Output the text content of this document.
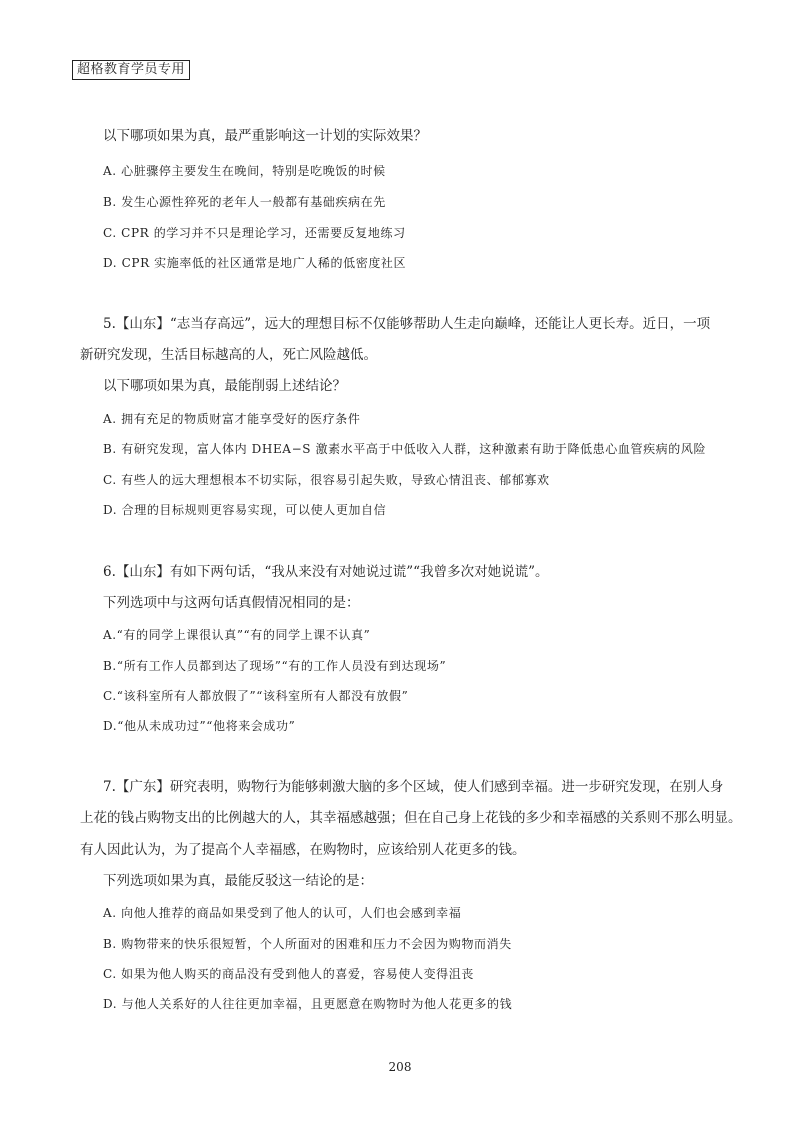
超格教育学员专用
以下哪项如果为真，最严重影响这一计划的实际效果？
A. 心脏骤停主要发生在晚间，特别是吃晚饭的时候
B. 发生心源性猝死的老年人一般都有基础疾病在先
C. CPR 的学习并不只是理论学习，还需要反复地练习
D. CPR 实施率低的社区通常是地广人稀的低密度社区
5.【山东】“志当存高远”，远大的理想目标不仅能够帮助人生走向巅峰，还能让人更长寿。近日，一项
新研究发现，生活目标越高的人，死亡风险越低。
以下哪项如果为真，最能削弱上述结论？
A. 拥有充足的物质财富才能享受好的医疗条件
B. 有研究发现，富人体内 DHEA−S 激素水平高于中低收入人群，这种激素有助于降低患心血管疾病的风险
C. 有些人的远大理想根本不切实际，很容易引起失败，导致心情沮丧、郁郁寡欢
D. 合理的目标规则更容易实现，可以使人更加自信
6.【山东】有如下两句话，“我从来没有对她说过谎”“我曾多次对她说谎”。
下列选项中与这两句话真假情况相同的是：
A.“有的同学上课很认真”“有的同学上课不认真”
B.“所有工作人员都到达了现场”“有的工作人员没有到达现场”
C.“该科室所有人都放假了”“该科室所有人都没有放假”
D.“他从未成功过”“他将来会成功”
7.【广东】研究表明，购物行为能够刺激大脑的多个区域，使人们感到幸福。进一步研究发现，在别人身
上花的钱占购物支出的比例越大的人，其幸福感越强；但在自己身上花钱的多少和幸福感的关系则不那么明显。
有人因此认为，为了提高个人幸福感，在购物时，应该给别人花更多的钱。
下列选项如果为真，最能反驳这一结论的是：
A. 向他人推荐的商品如果受到了他人的认可，人们也会感到幸福
B. 购物带来的快乐很短暂，个人所面对的困难和压力不会因为购物而消失
C. 如果为他人购买的商品没有受到他人的喜爱，容易使人变得沮丧
D. 与他人关系好的人往往更加幸福，且更愿意在购物时为他人花更多的钱
208
